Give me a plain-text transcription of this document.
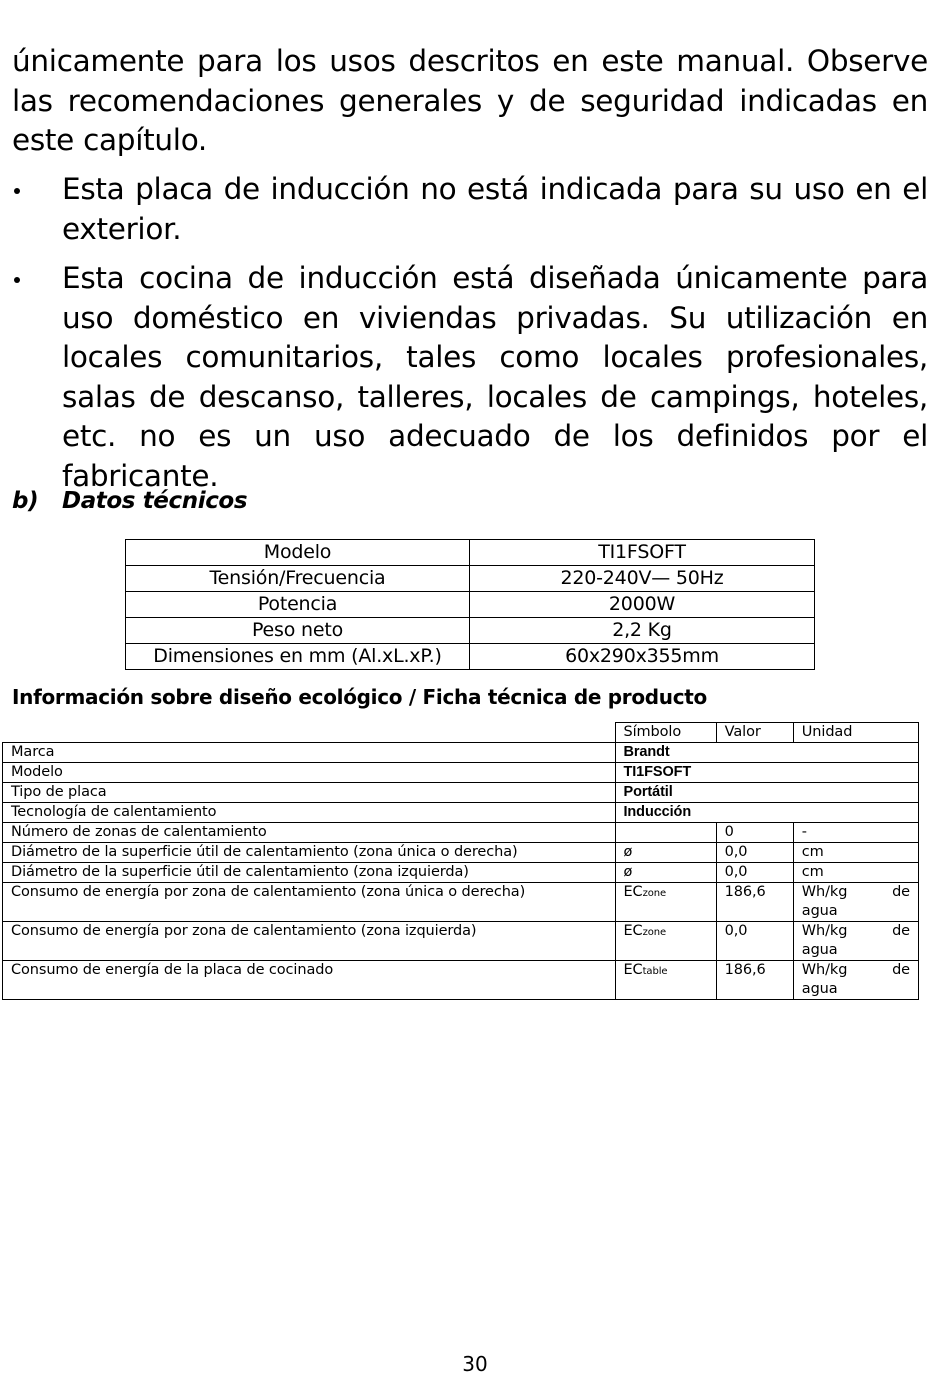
únicamente para los usos descritos en este manual. Observe las recomendaciones generales y de seguridad indicadas en este capítulo.

Esta placa de inducción no está indicada para su uso en el exterior.

Esta cocina de inducción está diseñada únicamente para uso doméstico en viviendas privadas. Su utilización en locales comunitarios, tales como locales profesionales, salas de descanso, talleres, locales de campings, hoteles, etc. no es un uso adecuado de los definidos por el fabricante.

b) Datos técnicos
Modelo	TI1FSOFT
Tensión/Frecuencia	220-240V— 50Hz
Potencia	2000W
Peso neto	2,2 Kg
Dimensiones en mm (Al.xL.xP.)	60x290x355mm
Información sobre diseño ecológico / Ficha técnica de producto
	Símbolo	Valor	Unidad
Marca	Brandt		
Modelo	TI1FSOFT		
Tipo de placa	Portátil		
Tecnología de calentamiento	Inducción		
Número de zonas de calentamiento		0	-
Diámetro de la superficie útil de calentamiento (zona única o derecha)	ø	0,0	cm
Diámetro de la superficie útil de calentamiento (zona izquierda)	ø	0,0	cm
Consumo de energía por zona de calentamiento (zona única o derecha)	ECzone	186,6	Wh/kg de
agua
Consumo de energía por zona de calentamiento (zona izquierda)	ECzone	0,0	Wh/kg de
agua
Consumo de energía de la placa de cocinado	ECtable	186,6	Wh/kg de
agua
30
